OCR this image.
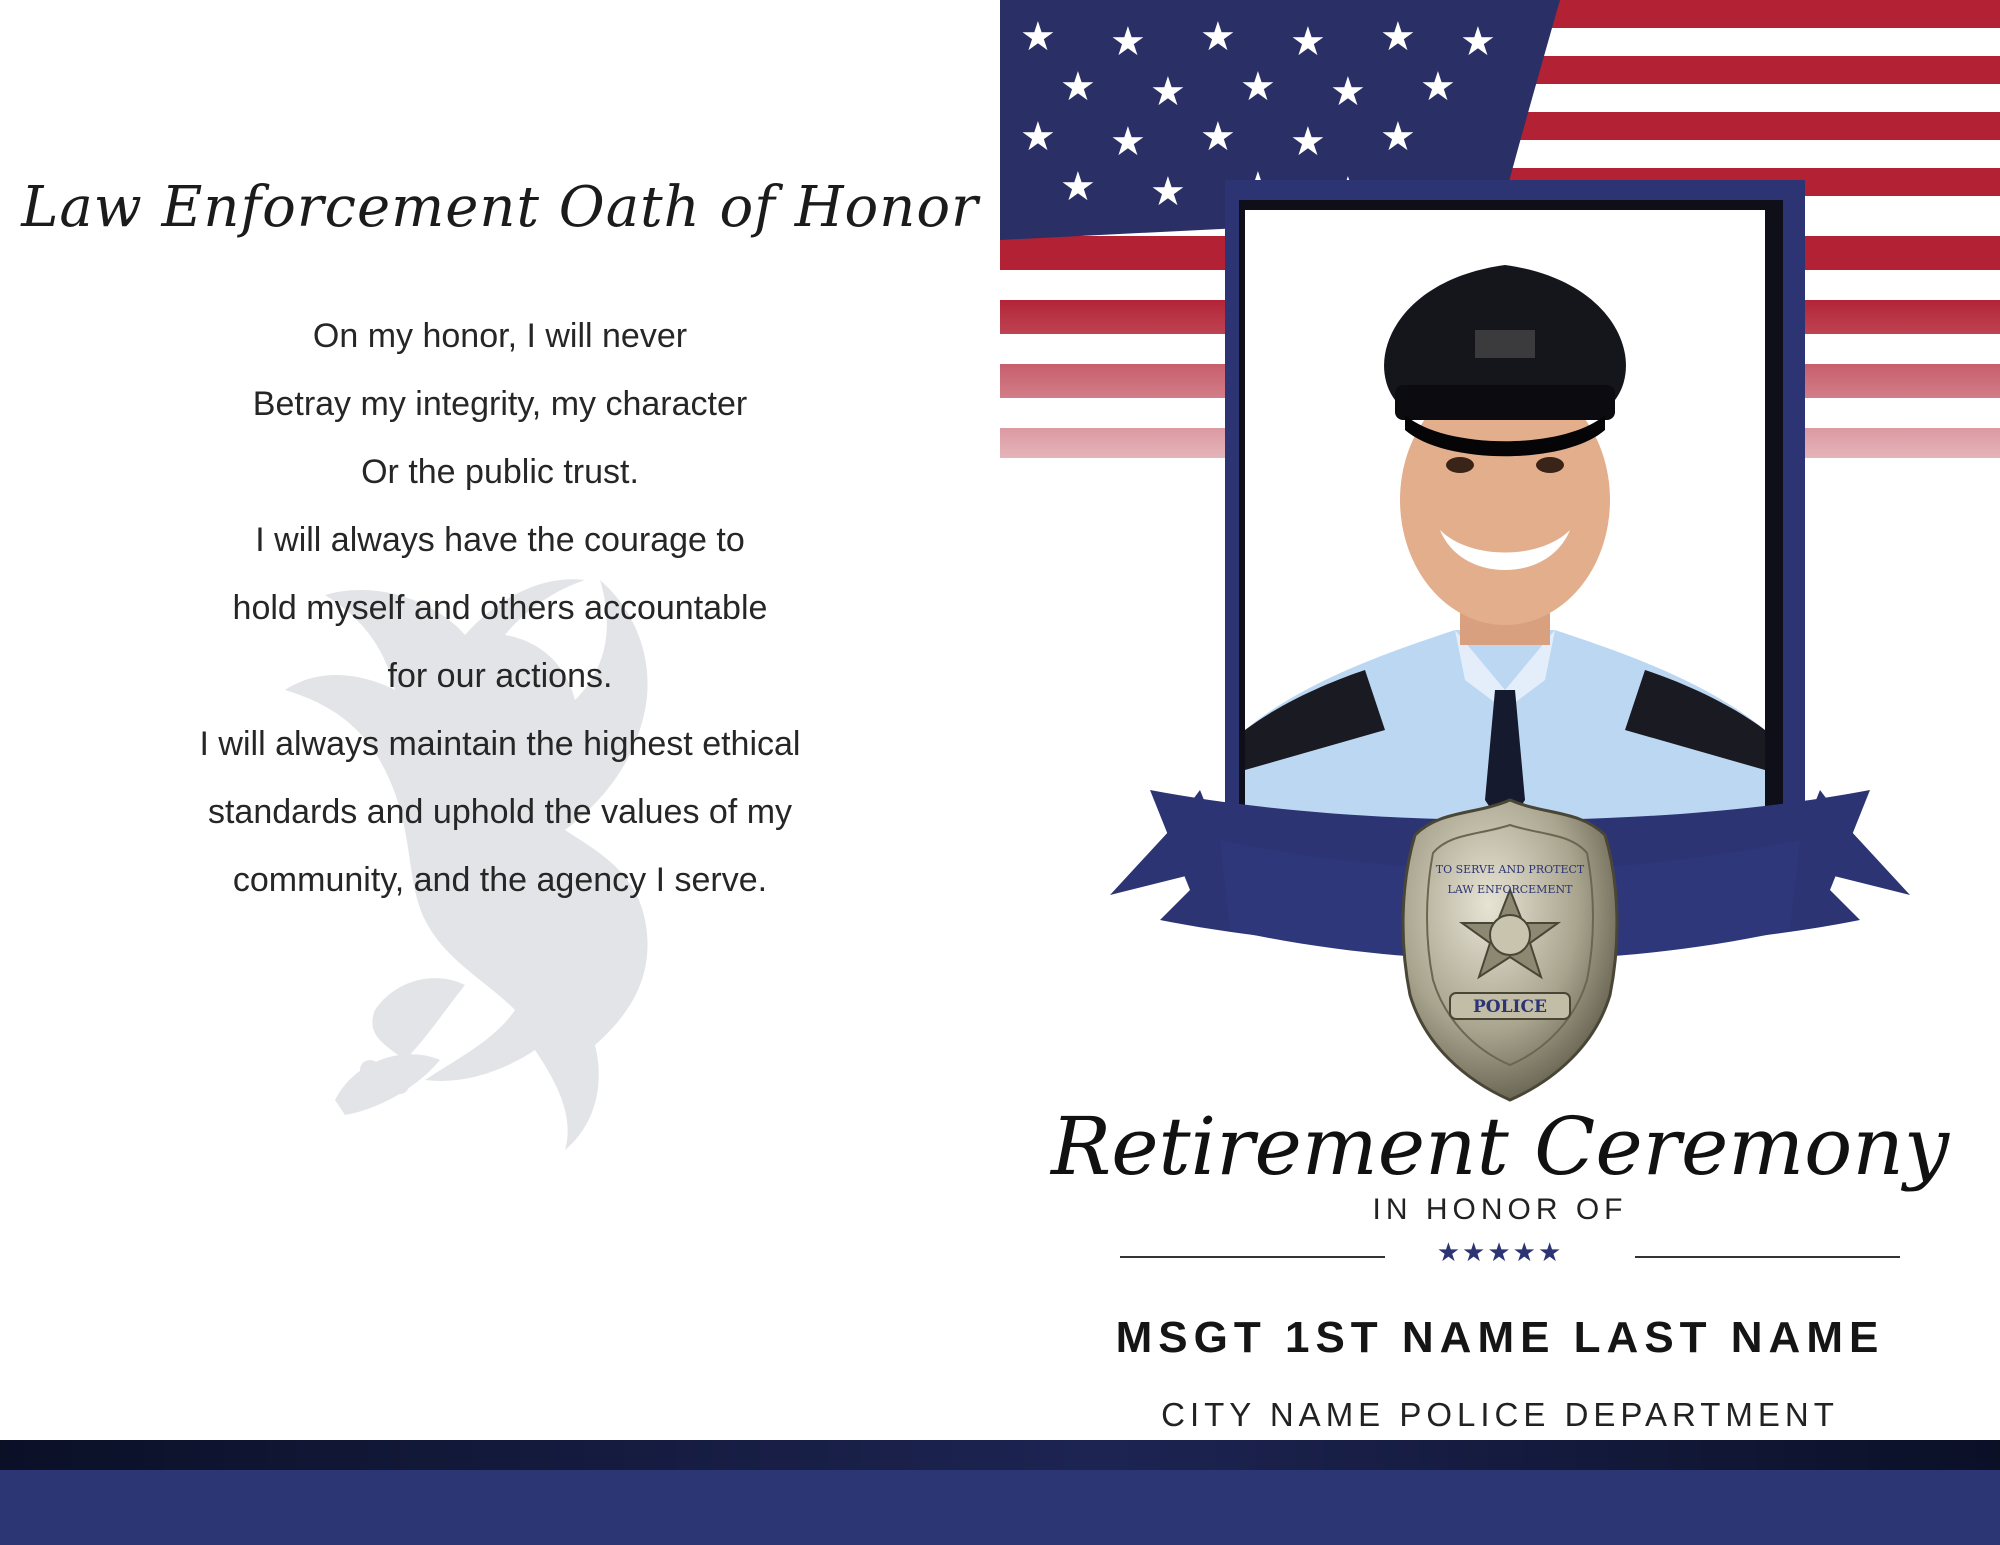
Law Enforcement Oath of Honor
On my honor, I will never
Betray my integrity, my character
Or the public trust.
I will always have the courage to
hold myself and others accountable
for our actions.
I will always maintain the highest ethical
standards and uphold the values of my
community, and the agency I serve.	TO SERVE AND PROTECT
LAW ENFORCEMENT
POLICE
Retirement Ceremony
IN HONOR OF
★★★★★
MSGT 1ST NAME LAST NAME
CITY NAME POLICE DEPARTMENT
